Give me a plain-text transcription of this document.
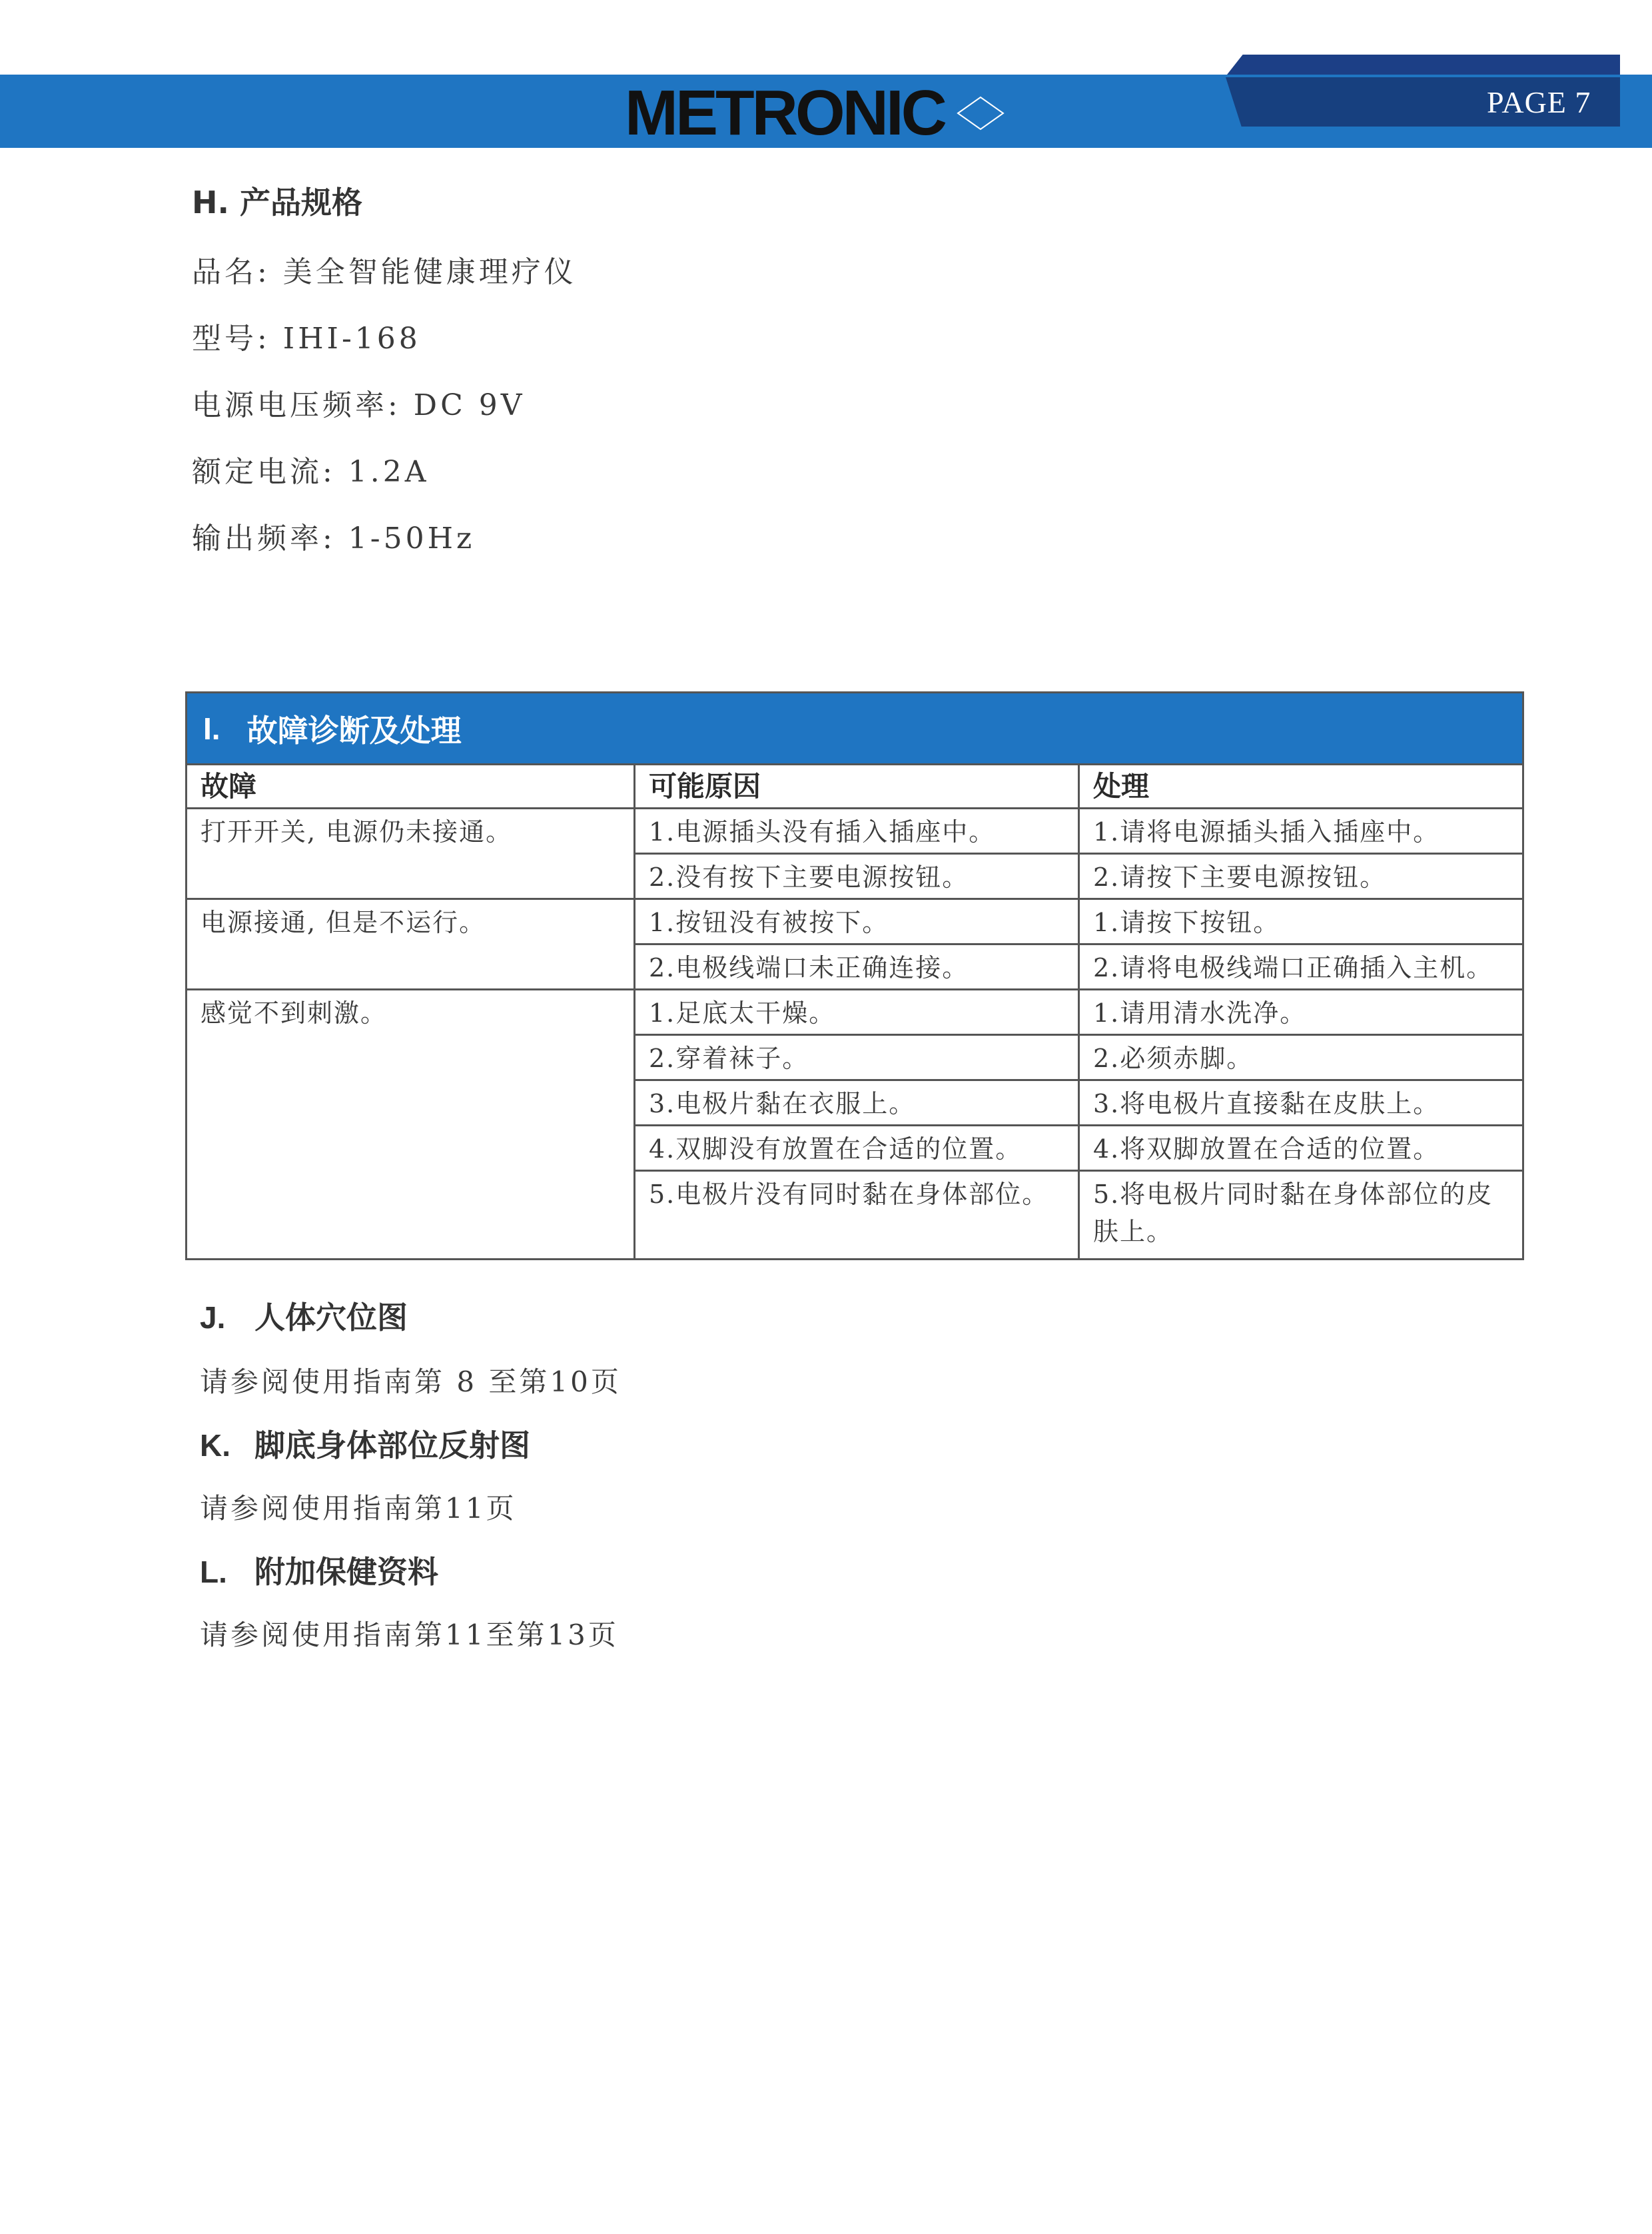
PAGE 7
METRONIC
H. 产品规格
品名: 美全智能健康理疗仪
型号: IHI-168
电源电压频率: DC 9V
额定电流: 1.2A
输出频率: 1-50Hz
I. 故障诊断及处理
故障	可能原因	处理
打开开关, 电源仍未接通。	1.电源插头没有插入插座中。	1.请将电源插头插入插座中。
2.没有按下主要电源按钮。	2.请按下主要电源按钮。
电源接通, 但是不运行。	1.按钮没有被按下。	1.请按下按钮。
2.电极线端口未正确连接。	2.请将电极线端口正确插入主机。
感觉不到刺激。	1.足底太干燥。	1.请用清水洗净。
2.穿着袜子。	2.必须赤脚。
3.电极片黏在衣服上。	3.将电极片直接黏在皮肤上。
4.双脚没有放置在合适的位置。	4.将双脚放置在合适的位置。
5.电极片没有同时黏在身体部位。	5.将电极片同时黏在身体部位的皮肤上。
J. 人体穴位图
请参阅使用指南第 8 至第10页
K. 脚底身体部位反射图
请参阅使用指南第11页
L. 附加保健资料
请参阅使用指南第11至第13页
